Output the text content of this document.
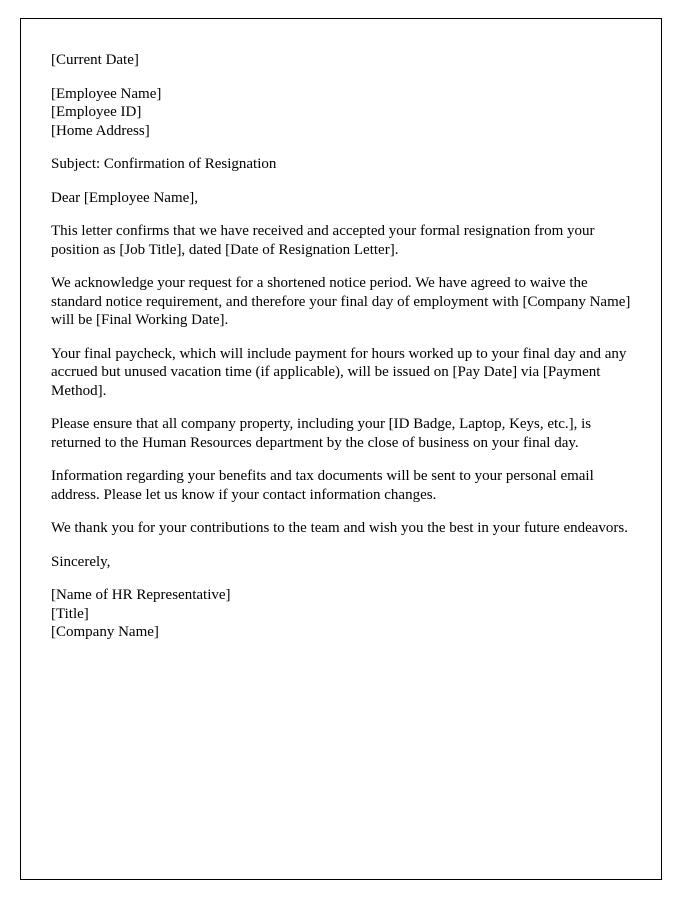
[Current Date]

[Employee Name]

[Employee ID]

[Home Address]

Subject: Confirmation of Resignation

Dear [Employee Name],

This letter confirms that we have received and accepted your formal resignation from your position as [Job Title], dated [Date of Resignation Letter].

We acknowledge your request for a shortened notice period. We have agreed to waive the standard notice requirement, and therefore your final day of employment with [Company Name] will be [Final Working Date].

Your final paycheck, which will include payment for hours worked up to your final day and any accrued but unused vacation time (if applicable), will be issued on [Pay Date] via [Payment Method].

Please ensure that all company property, including your [ID Badge, Laptop, Keys, etc.], is returned to the Human Resources department by the close of business on your final day.

Information regarding your benefits and tax documents will be sent to your personal email address. Please let us know if your contact information changes.

We thank you for your contributions to the team and wish you the best in your future endeavors.

Sincerely,

[Name of HR Representative]

[Title]

[Company Name]
